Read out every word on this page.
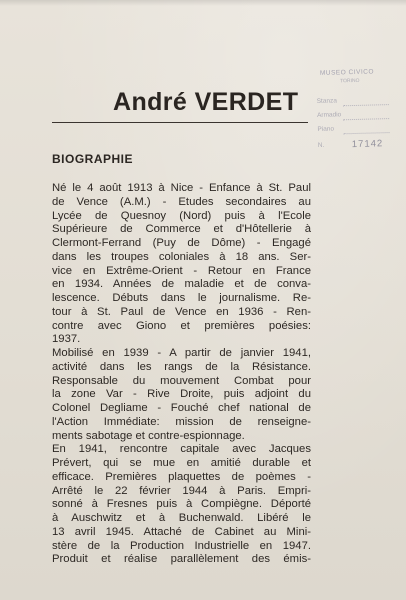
MUSEO CIVICO
TORINO
Stanza
Armadio
Piano
N.	17142
André VERDET
BIOGRAPHIE
Né le 4 août 1913 à Nice - Enfance à St. Paul
de Vence (A.M.) - Etudes secondaires au
Lycée de Quesnoy (Nord) puis à l'Ecole
Supérieure de Commerce et d'Hôtellerie à
Clermont-Ferrand (Puy de Dôme) - Engagé
dans les troupes coloniales à 18 ans. Ser-
vice en Extrême-Orient - Retour en France
en 1934. Années de maladie et de conva-
lescence. Débuts dans le journalisme. Re-
tour à St. Paul de Vence en 1936 - Ren-
contre avec Giono et premières poésies:
1937.
Mobilisé en 1939 - A partir de janvier 1941,
activité dans les rangs de la Résistance.
Responsable du mouvement Combat pour
la zone Var - Rive Droite, puis adjoint du
Colonel Degliame - Fouché chef national de
l'Action Immédiate: mission de renseigne-
ments sabotage et contre-espionnage.
En 1941, rencontre capitale avec Jacques
Prévert, qui se mue en amitié durable et
efficace. Premières plaquettes de poèmes -
Arrêté le 22 février 1944 à Paris. Empri-
sonné à Fresnes puis à Compiègne. Déporté
à Auschwitz et à Buchenwald. Libéré le
13 avril 1945. Attaché de Cabinet au Mini-
stère de la Production Industrielle en 1947.
Produit et réalise parallèlement des émis-
